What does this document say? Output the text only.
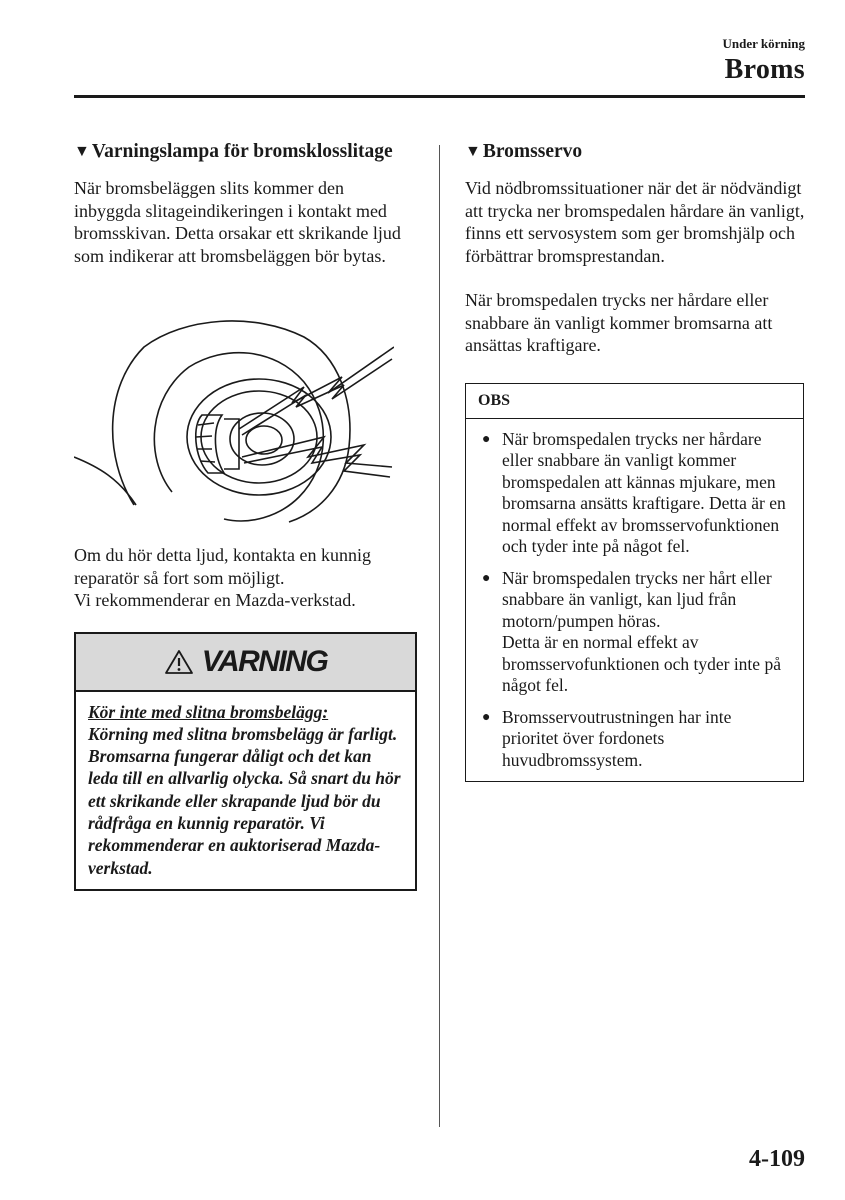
Under körning
Broms
▼ Varningslampa för bromsklosslitage

När bromsbeläggen slits kommer den inbyggda slitageindikeringen i kontakt med bromsskivan. Detta orsakar ett skrikande ljud som indikerar att bromsbeläggen bör bytas.

Om du hör detta ljud, kontakta en kunnig reparatör så fort som möjligt.

Vi rekommenderar en Mazda-verkstad.

VARNING
Kör inte med slitna bromsbelägg:
Körning med slitna bromsbelägg är farligt. Bromsarna fungerar dåligt och det kan leda till en allvarlig olycka. Så snart du hör ett skrikande eller skrapande ljud bör du rådfråga en kunnig reparatör. Vi rekommenderar en auktoriserad Mazda-verkstad.
▼ Bromsservo

Vid nödbromssituationer när det är nödvändigt att trycka ner bromspedalen hårdare än vanligt, finns ett servosystem som ger bromshjälp och förbättrar bromsprestandan.

När bromspedalen trycks ner hårdare eller snabbare än vanligt kommer bromsarna att ansättas kraftigare.

OBS
● När bromspedalen trycks ner hårdare eller snabbare än vanligt kommer bromspedalen att kännas mjukare, men bromsarna ansätts kraftigare. Detta är en normal effekt av bromsservofunktionen och tyder inte på något fel.
● När bromspedalen trycks ner hårt eller snabbare än vanligt, kan ljud från motorn/pumpen höras.
Detta är en normal effekt av bromsservofunktionen och tyder inte på något fel.
● Bromsservoutrustningen har inte prioritet över fordonets huvudbromssystem.
4-109
